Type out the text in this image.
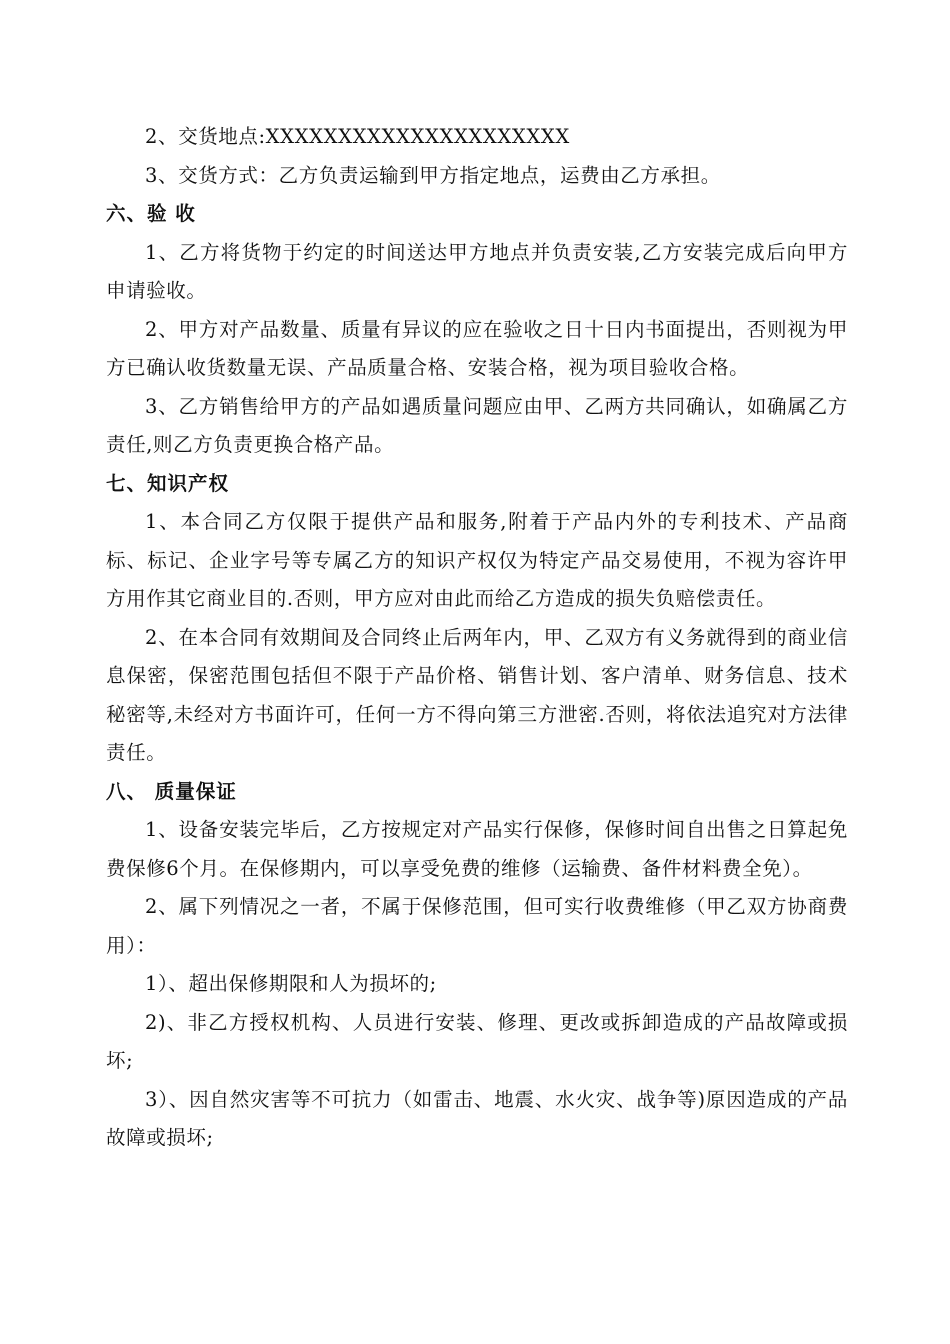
2、交货地点:XXXXXXXXXXXXXXXXXXXXX

3、交货方式：乙方负责运输到甲方指定地点，运费由乙方承担。

六、验 收

1、乙方将货物于约定的时间送达甲方地点并负责安装,乙方安装完成后向甲方申请验收。

2、甲方对产品数量、质量有异议的应在验收之日十日内书面提出，否则视为甲方已确认收货数量无误、产品质量合格、安装合格，视为项目验收合格。

3、乙方销售给甲方的产品如遇质量问题应由甲、乙两方共同确认，如确属乙方责任,则乙方负责更换合格产品。

七、知识产权

1、本合同乙方仅限于提供产品和服务,附着于产品内外的专利技术、产品商标、标记、企业字号等专属乙方的知识产权仅为特定产品交易使用，不视为容许甲方用作其它商业目的.否则，甲方应对由此而给乙方造成的损失负赔偿责任。

2、在本合同有效期间及合同终止后两年内，甲、乙双方有义务就得到的商业信息保密，保密范围包括但不限于产品价格、销售计划、客户清单、财务信息、技术秘密等,未经对方书面许可，任何一方不得向第三方泄密.否则，将依法追究对方法律责任。

八、 质量保证

1、设备安装完毕后，乙方按规定对产品实行保修，保修时间自出售之日算起免费保修6个月。在保修期内，可以享受免费的维修（运输费、备件材料费全免）。

2、属下列情况之一者，不属于保修范围，但可实行收费维修（甲乙双方协商费用）：

1）、超出保修期限和人为损坏的;

2)、非乙方授权机构、人员进行安装、修理、更改或拆卸造成的产品故障或损坏;

3）、因自然灾害等不可抗力（如雷击、地震、水火灾、战争等)原因造成的产品故障或损坏;
